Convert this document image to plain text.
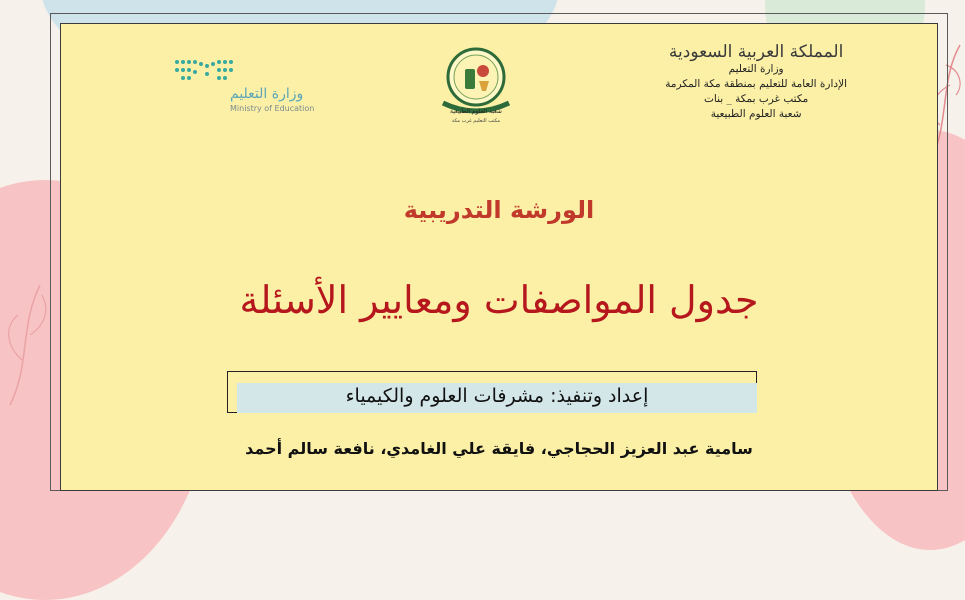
المملكة العربية السعودية
وزارة التعليم
الإدارة العامة للتعليم بمنطقة مكة المكرمة
مكتب غرب بمكة _ بنات
شعبة العلوم الطبيعية
شعبة العلوم الطبيعية
مكتب التعليم غرب مكة
وزارة التعليم
Ministry of Education
الورشة التدريبية
جدول المواصفات ومعايير الأسئلة
إعداد وتنفيذ: مشرفات العلوم والكيمياء
سامية عبد العزيز الحجاجي، فايقة علي الغامدي، نافعة سالم أحمد
